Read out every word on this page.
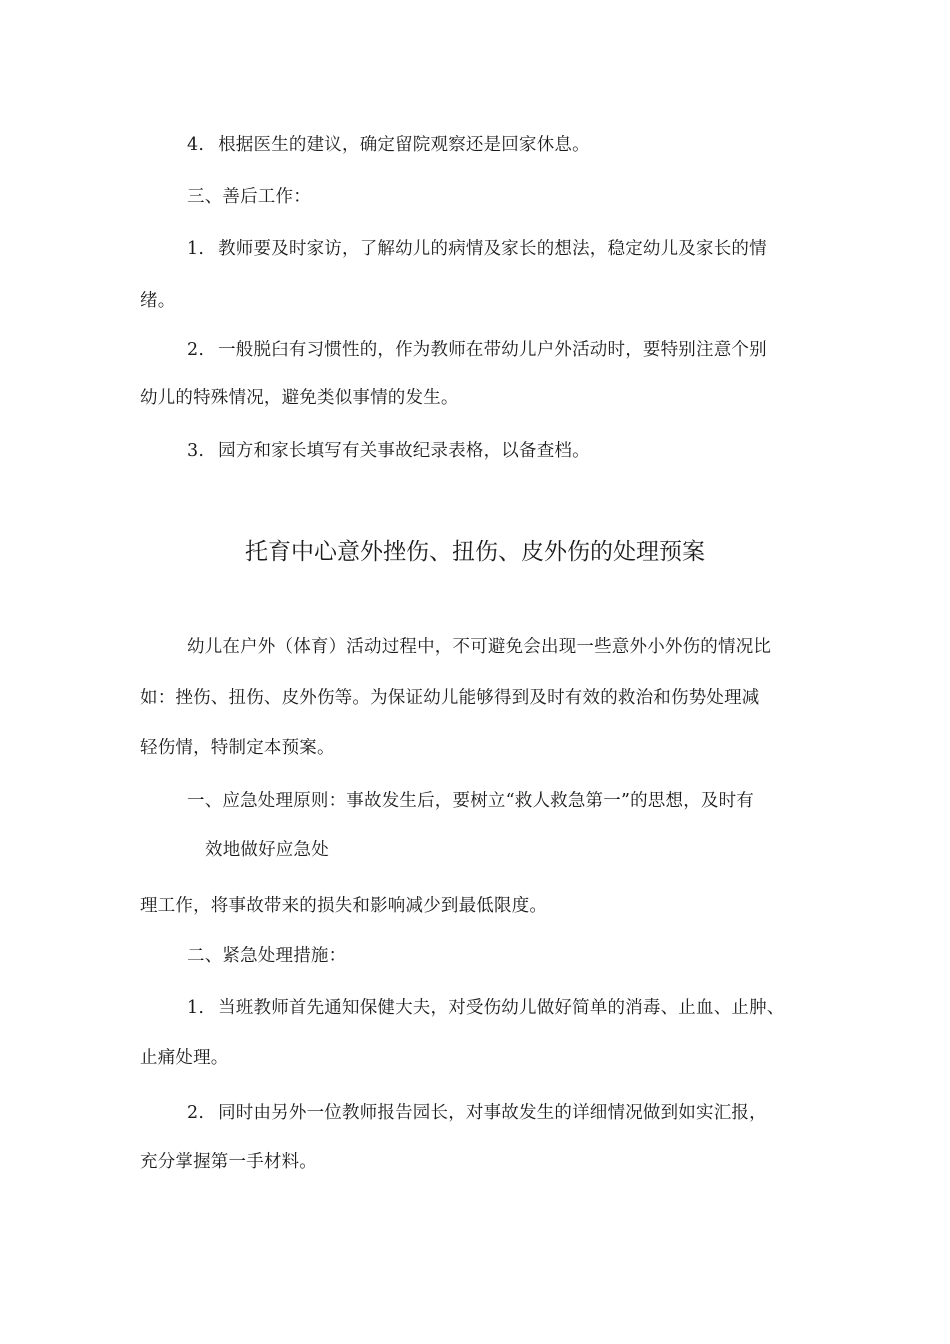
4. 根据医生的建议，确定留院观察还是回家休息。
三、善后工作：
1. 教师要及时家访，了解幼儿的病情及家长的想法，稳定幼儿及家长的情
绪。
2. 一般脱臼有习惯性的，作为教师在带幼儿户外活动时，要特别注意个别
幼儿的特殊情况，避免类似事情的发生。
3. 园方和家长填写有关事故纪录表格，以备查档。
托育中心意外挫伤、扭伤、皮外伤的处理预案
幼儿在户外（体育）活动过程中，不可避免会出现一些意外小外伤的情况比
如：挫伤、扭伤、皮外伤等。为保证幼儿能够得到及时有效的救治和伤势处理减
轻伤情，特制定本预案。
一、应急处理原则：事故发生后，要树立“救人救急第一”的思想，及时有
效地做好应急处
理工作，将事故带来的损失和影响减少到最低限度。
二、紧急处理措施：
1. 当班教师首先通知保健大夫，对受伤幼儿做好简单的消毒、止血、止肿、
止痛处理。
2. 同时由另外一位教师报告园长，对事故发生的详细情况做到如实汇报，
充分掌握第一手材料。
